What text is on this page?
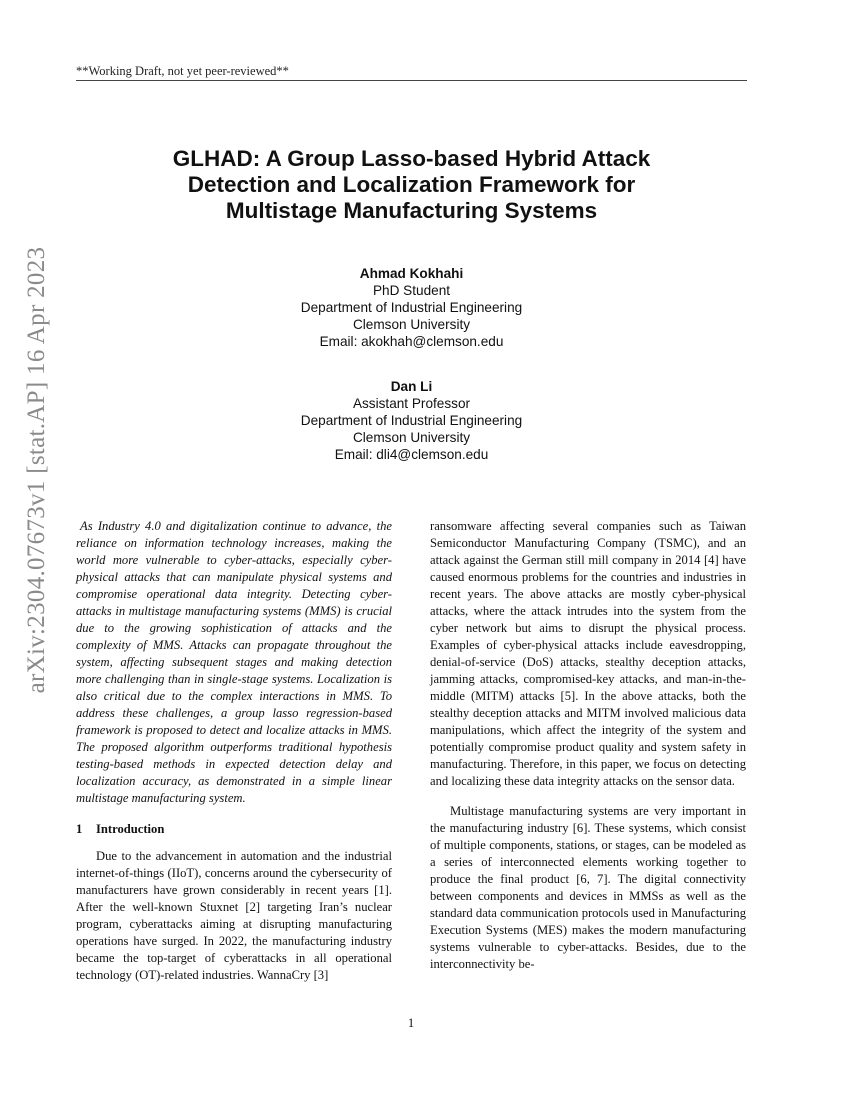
**Working Draft, not yet peer-reviewed**
arXiv:2304.07673v1 [stat.AP] 16 Apr 2023
GLHAD: A Group Lasso-based Hybrid Attack
Detection and Localization Framework for
Multistage Manufacturing Systems
Ahmad Kokhahi
PhD Student
Department of Industrial Engineering
Clemson University
Email: akokhah@clemson.edu
Dan Li
Assistant Professor
Department of Industrial Engineering
Clemson University
Email: dli4@clemson.edu

As Industry 4.0 and digitalization continue to advance, the reliance on information technology increases, making the world more vulnerable to cyber-attacks, especially cyber-physical attacks that can manipulate physical systems and compromise operational data integrity. Detecting cyber-attacks in multistage manufacturing systems (MMS) is crucial due to the growing sophistication of attacks and the complexity of MMS. Attacks can propagate throughout the system, affecting subsequent stages and making detection more challenging than in single-stage systems. Localization is also critical due to the complex interactions in MMS. To address these challenges, a group lasso regression-based framework is proposed to detect and localize attacks in MMS. The proposed algorithm outperforms traditional hypothesis testing-based methods in expected detection delay and localization accuracy, as demonstrated in a simple linear multistage manufacturing system.

1 Introduction

Due to the advancement in automation and the industrial internet-of-things (IIoT), concerns around the cybersecurity of manufacturers have grown considerably in recent years [1]. After the well-known Stuxnet [2] targeting Iran’s nuclear program, cyberattacks aiming at disrupting manufacturing operations have surged. In 2022, the manufacturing industry became the top-target of cyberattacks in all operational technology (OT)-related industries. WannaCry [3]

ransomware affecting several companies such as Taiwan Semiconductor Manufacturing Company (TSMC), and an attack against the German still mill company in 2014 [4] have caused enormous problems for the countries and industries in recent years. The above attacks are mostly cyber-physical attacks, where the attack intrudes into the system from the cyber network but aims to disrupt the physical process. Examples of cyber-physical attacks include eavesdropping, denial-of-service (DoS) attacks, stealthy deception attacks, jamming attacks, compromised-key attacks, and man-in-the-middle (MITM) attacks [5]. In the above attacks, both the stealthy deception attacks and MITM involved malicious data manipulations, which affect the integrity of the system and potentially compromise product quality and system safety in manufacturing. Therefore, in this paper, we focus on detecting and localizing these data integrity attacks on the sensor data.

Multistage manufacturing systems are very important in the manufacturing industry [6]. These systems, which consist of multiple components, stations, or stages, can be modeled as a series of interconnected elements working together to produce the final product [6, 7]. The digital connectivity between components and devices in MMSs as well as the standard data communication protocols used in Manufacturing Execution Systems (MES) makes the modern manufacturing systems vulnerable to cyber-attacks. Besides, due to the interconnectivity be-

1
